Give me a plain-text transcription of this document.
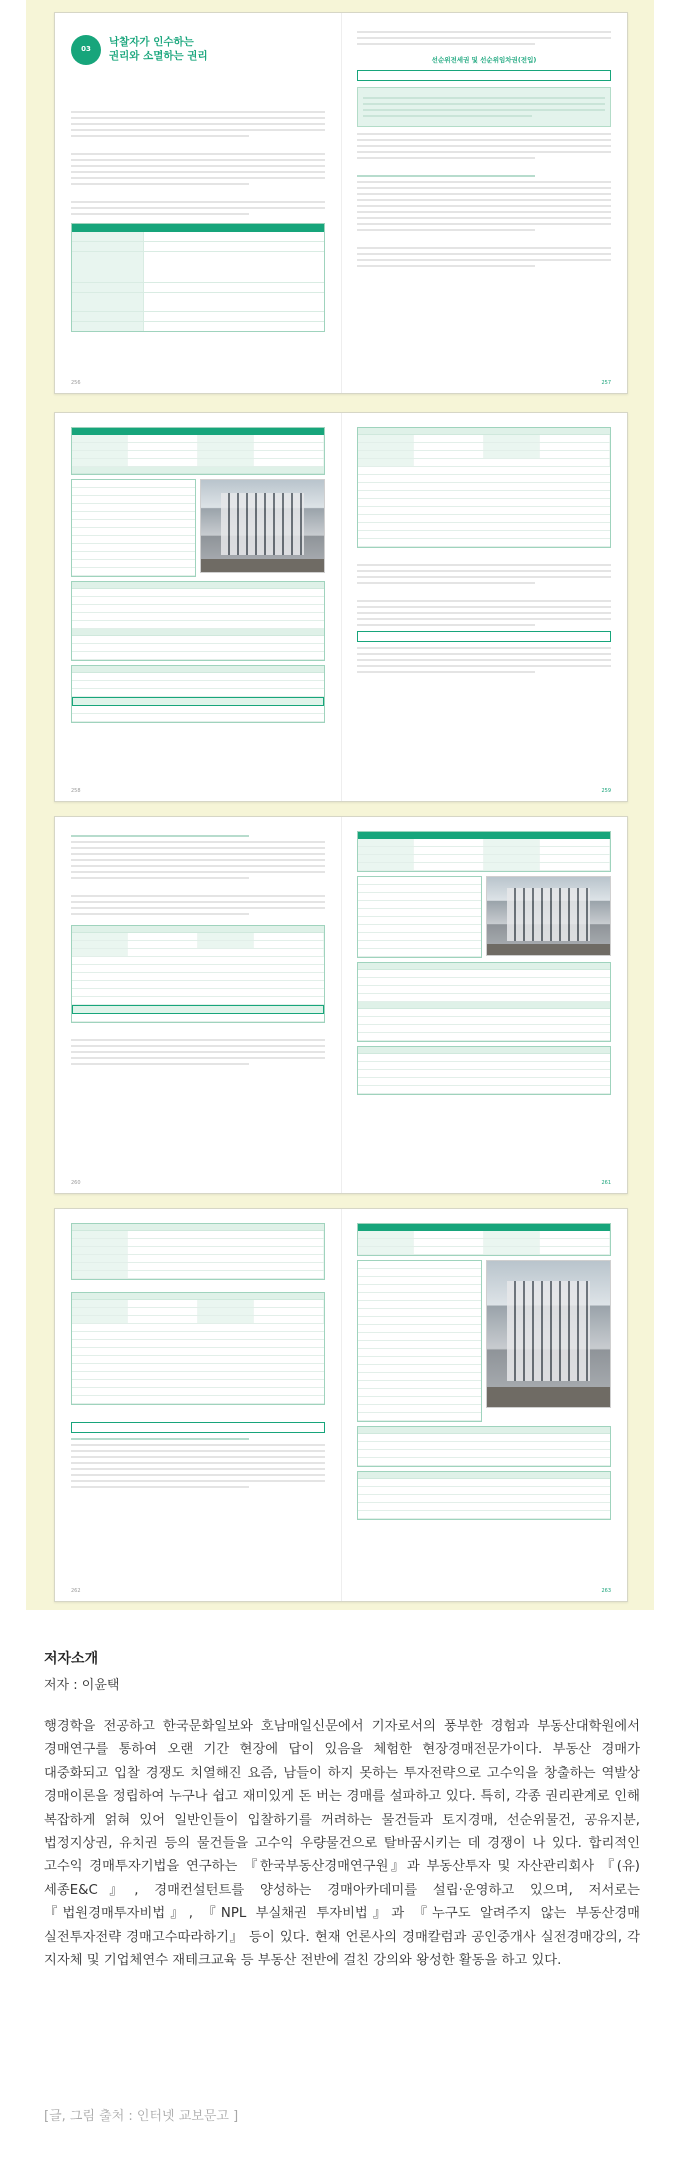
03
낙찰자가 인수하는
권리와 소멸하는 권리
256
선순위전세권 및 선순위임차권(전입)
257
258	259
260	261
262	263
저자소개

저자 : 이윤택

행경학을 전공하고 한국문화일보와 호남매일신문에서 기자로서의 풍부한 경험과 부동산대학원에서 경매연구를 통하여 오랜 기간 현장에 답이 있음을 체험한 현장경매전문가이다. 부동산 경매가 대중화되고 입찰 경쟁도 치열해진 요즘, 남들이 하지 못하는 투자전략으로 고수익을 창출하는 역발상 경매이론을 정립하여 누구나 쉽고 재미있게 돈 버는 경매를 설파하고 있다. 특히, 각종 권리관계로 인해 복잡하게 얽혀 있어 일반인들이 입찰하기를 꺼려하는 물건들과 토지경매, 선순위물건, 공유지분, 법정지상권, 유치권 등의 물건들을 고수익 우량물건으로 탈바꿈시키는 데 경쟁이 나 있다. 합리적인 고수익 경매투자기법을 연구하는 『한국부동산경매연구원』과 부동산투자 및 자산관리회사 『(유)세종E&C』, 경매컨설턴트를 양성하는 경매아카데미를 설립·운영하고 있으며, 저서로는 『법원경매투자비법』, 『NPL 부실채권 투자비법』과 『누구도 알려주지 않는 부동산경매 실전투자전략 경매고수따라하기』 등이 있다. 현재 언론사의 경매칼럼과 공인중개사 실전경매강의, 각 지자체 및 기업체연수 재테크교육 등 부동산 전반에 걸친 강의와 왕성한 활동을 하고 있다.

[글, 그림 출처 : 인터넷 교보문고 ]
